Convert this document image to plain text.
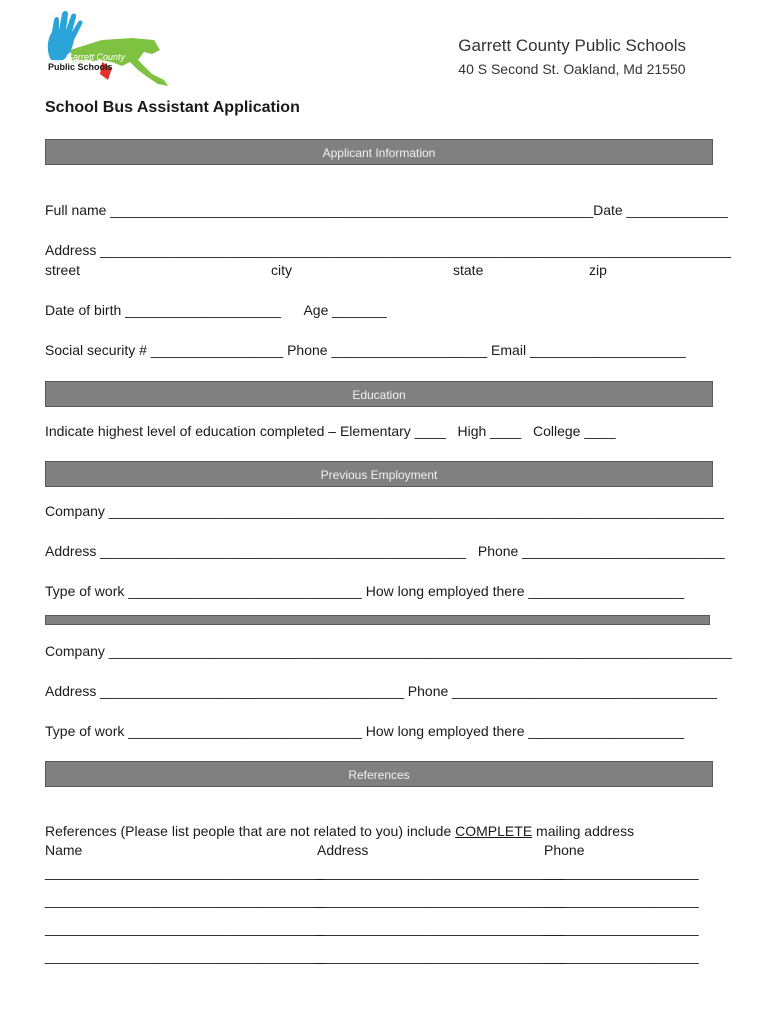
Garrett County
Public Schools
Garrett County Public Schools
40 S Second St. Oakland, Md 21550
School Bus Assistant Application
Applicant Information
Full name ______________________________________________________________Date _____________
Address _________________________________________________________________________________
street	city	state	zip
Date of birth ____________________      Age _______
Social security # _________________ Phone ____________________ Email ____________________
Education
Indicate highest level of education completed – Elementary ____   High ____   College ____
Previous Employment
Company _______________________________________________________________________________
Address _______________________________________________   Phone __________________________
Type of work ______________________________ How long employed there ____________________
Company ________________________________________________________________________________
Address _______________________________________ Phone __________________________________
Type of work ______________________________ How long employed there ____________________
References
References (Please list people that are not related to you) include COMPLETE mailing address
Name	Address	Phone
____________________________________
________________________________
____________________
____________________________________
________________________________
____________________
____________________________________
________________________________
____________________
____________________________________
________________________________
____________________
